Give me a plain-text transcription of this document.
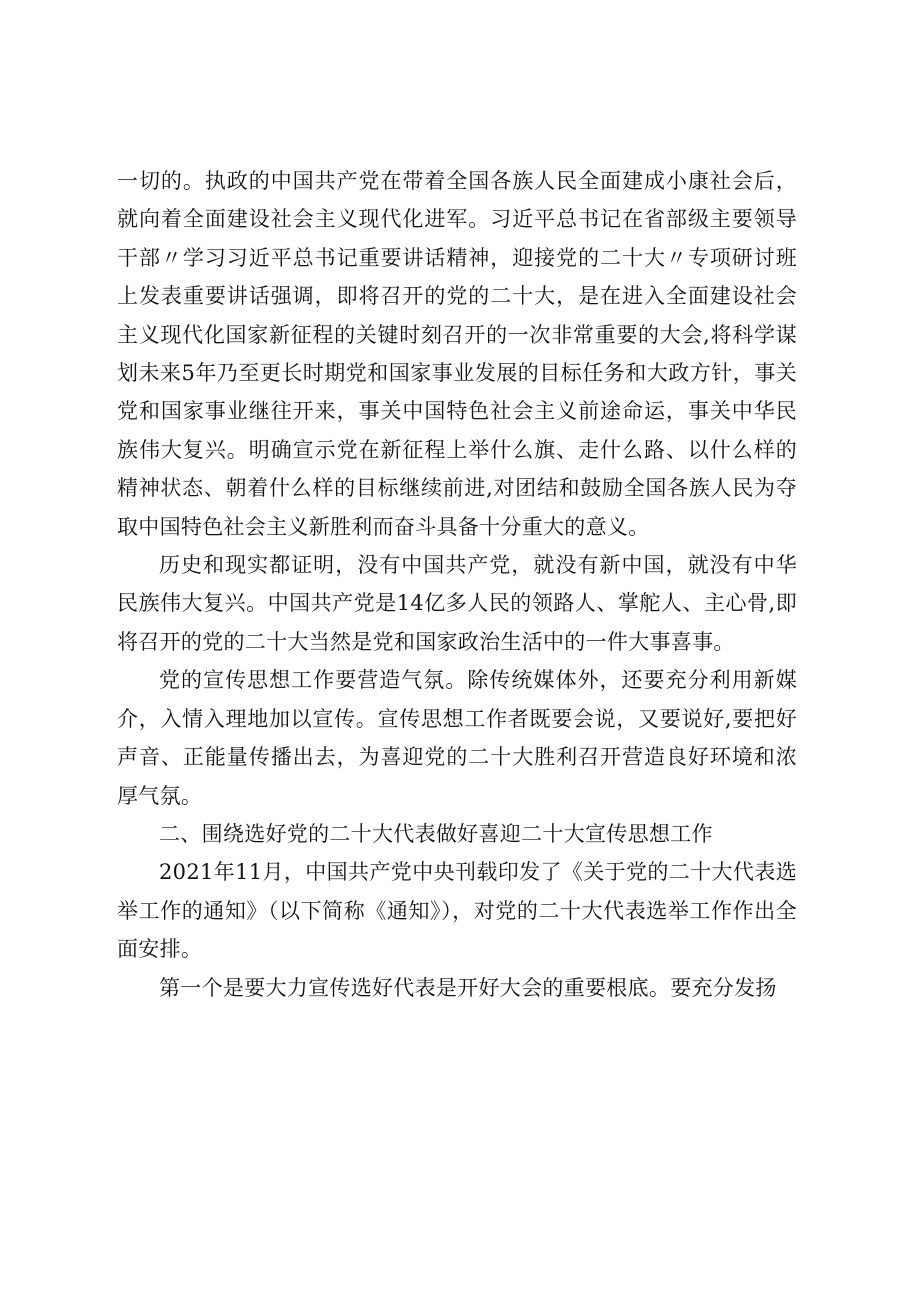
一切的。执政的中国共产党在带着全国各族人民全面建成小康社会后，就向着全面建设社会主义现代化进军。习近平总书记在省部级主要领导干部〃学习习近平总书记重要讲话精神，迎接党的二十大〃专项研讨班上发表重要讲话强调，即将召开的党的二十大，是在进入全面建设社会主义现代化国家新征程的关键时刻召开的一次非常重要的大会,将科学谋划未来5年乃至更长时期党和国家事业发展的目标任务和大政方针，事关党和国家事业继往开来，事关中国特色社会主义前途命运，事关中华民族伟大复兴。明确宣示党在新征程上举什么旗、走什么路、以什么样的精神状态、朝着什么样的目标继续前进,对团结和鼓励全国各族人民为夺取中国特色社会主义新胜利而奋斗具备十分重大的意义。

历史和现实都证明，没有中国共产党，就没有新中国，就没有中华民族伟大复兴。中国共产党是14亿多人民的领路人、掌舵人、主心骨,即将召开的党的二十大当然是党和国家政治生活中的一件大事喜事。

党的宣传思想工作要营造气氛。除传统媒体外，还要充分利用新媒介，入情入理地加以宣传。宣传思想工作者既要会说，又要说好,要把好声音、正能量传播出去，为喜迎党的二十大胜利召开营造良好环境和浓厚气氛。

二、围绕选好党的二十大代表做好喜迎二十大宣传思想工作

2021年11月，中国共产党中央刊载印发了《关于党的二十大代表选举工作的通知》（以下简称《通知》），对党的二十大代表选举工作作出全面安排。

第一个是要大力宣传选好代表是开好大会的重要根底。要充分发扬
